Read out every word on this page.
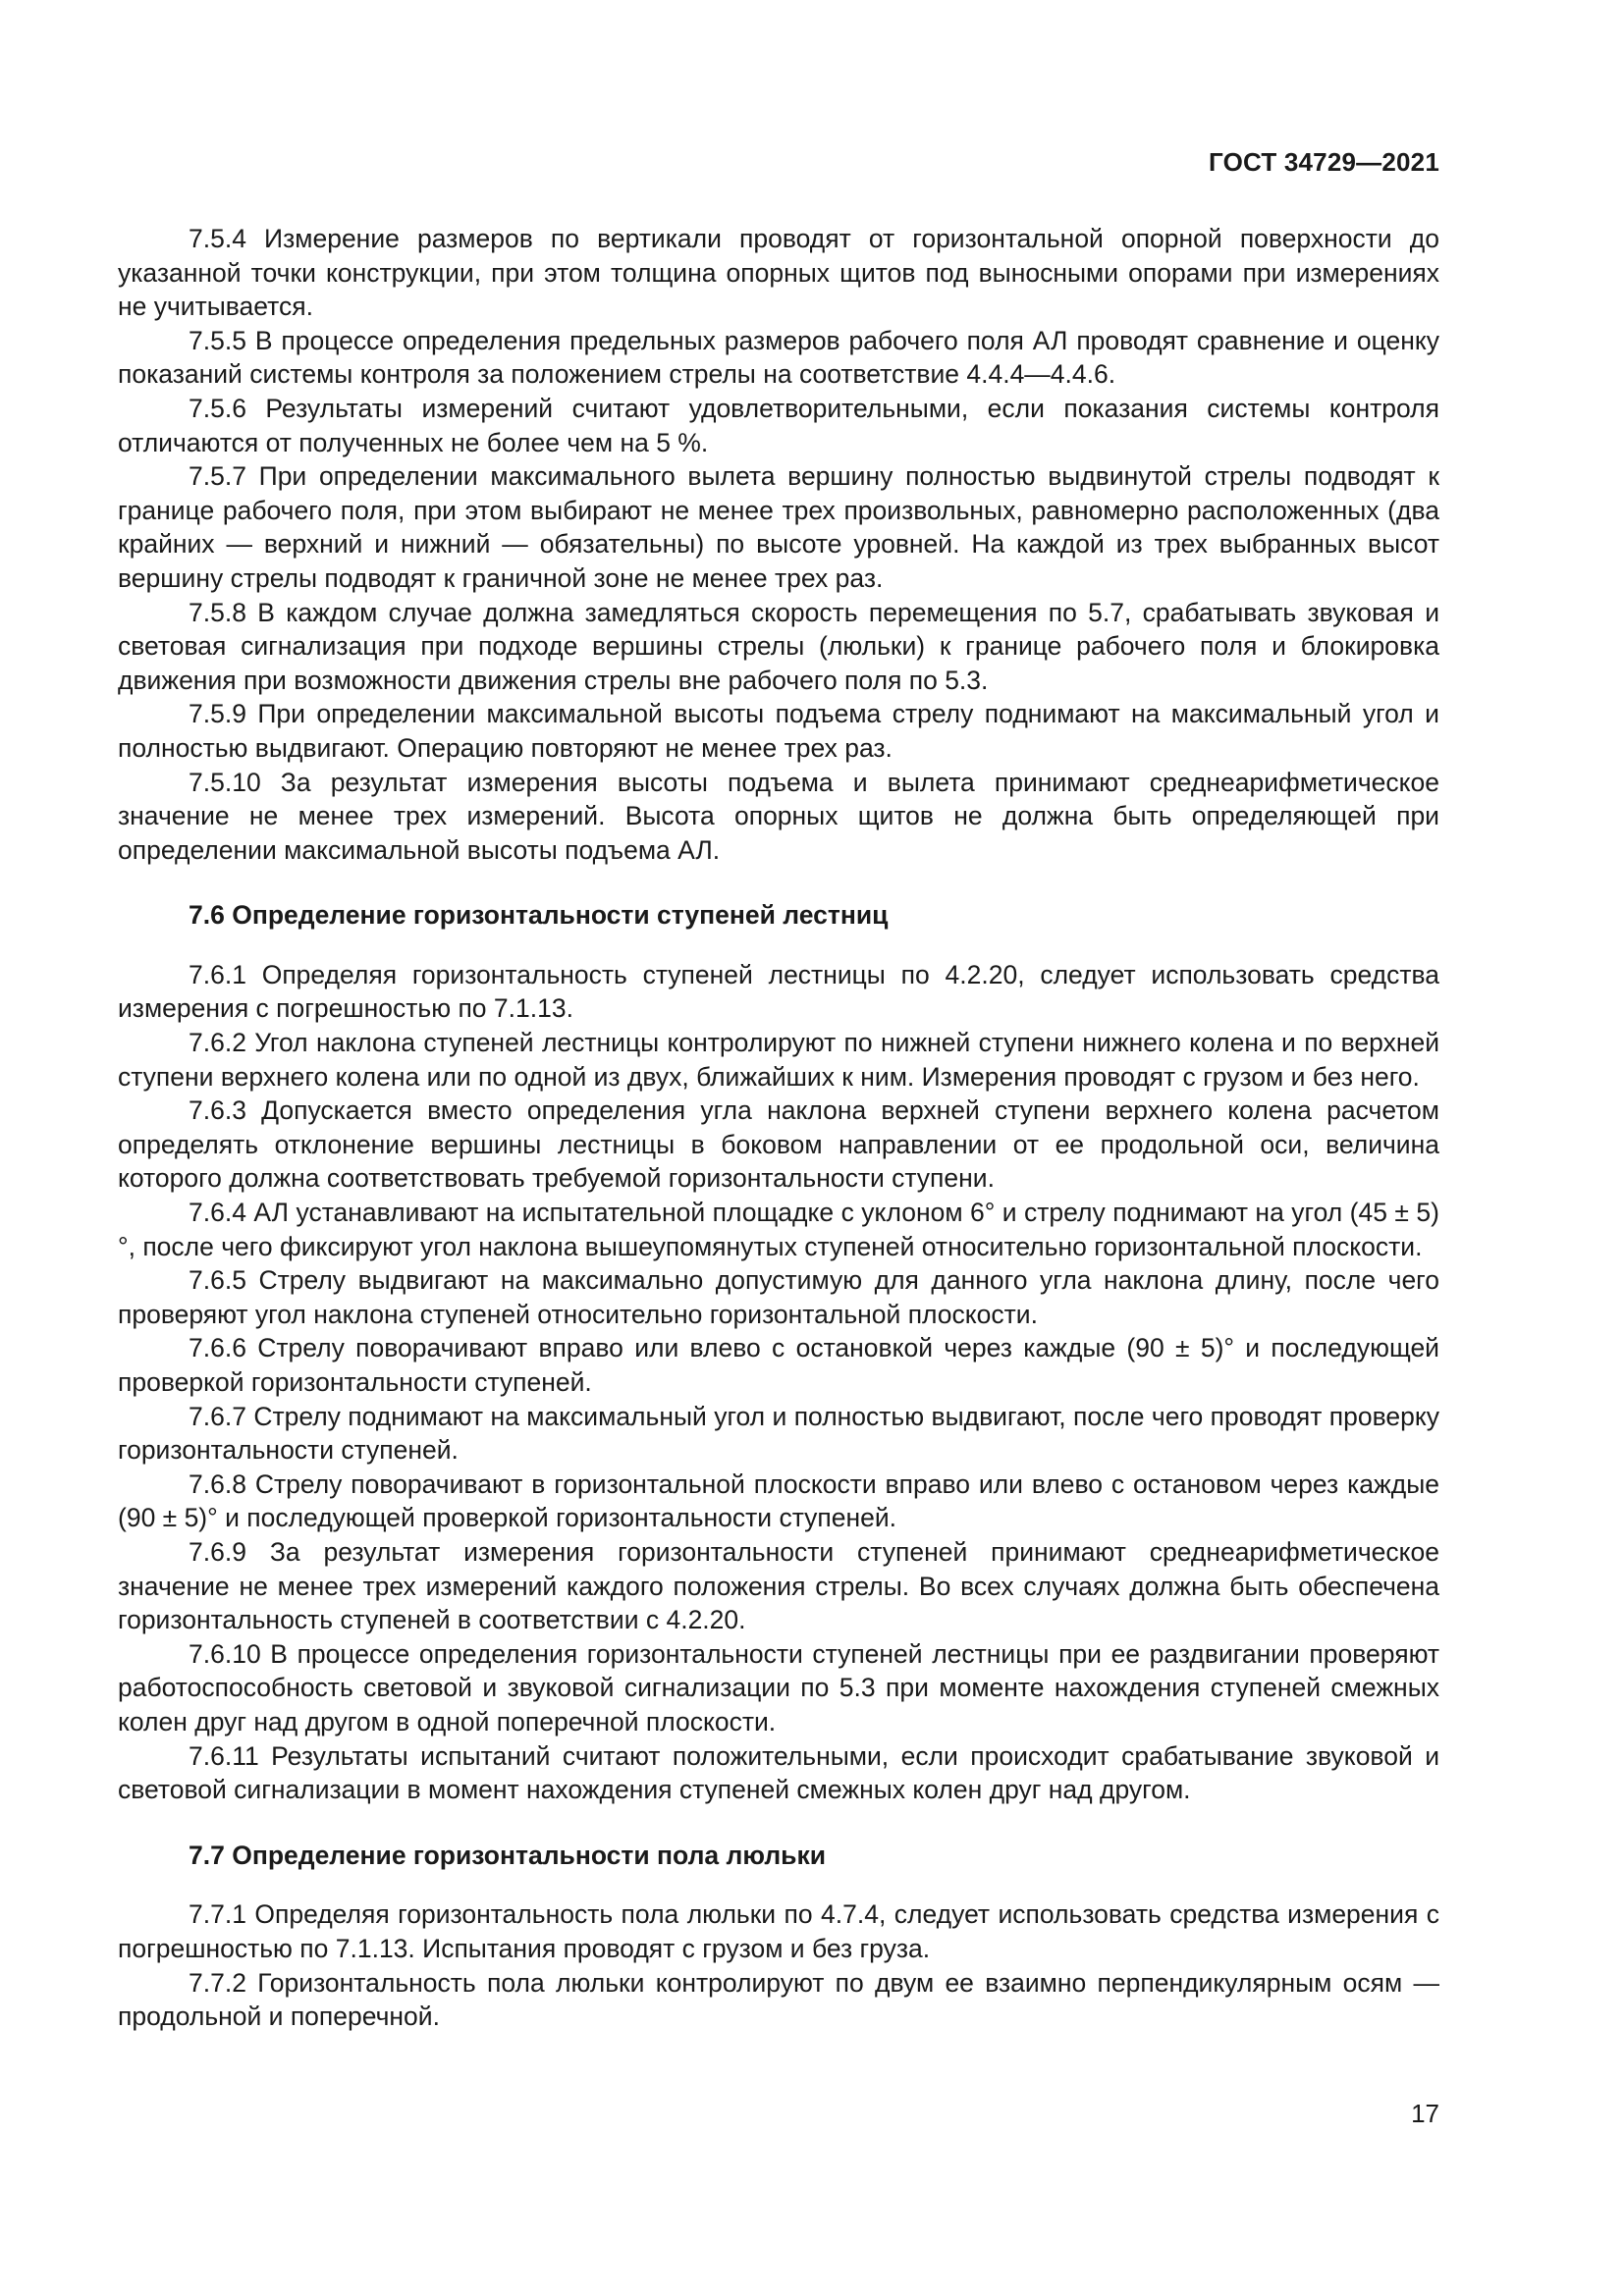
ГОСТ 34729—2021

7.5.4 Измерение размеров по вертикали проводят от горизонтальной опорной поверхности до указанной точки конструкции, при этом толщина опорных щитов под выносными опорами при измерениях не учитывается.

7.5.5 В процессе определения предельных размеров рабочего поля АЛ проводят сравнение и оценку показаний системы контроля за положением стрелы на соответствие 4.4.4—4.4.6.

7.5.6 Результаты измерений считают удовлетворительными, если показания системы контроля отличаются от полученных не более чем на 5 %.

7.5.7 При определении максимального вылета вершину полностью выдвинутой стрелы подводят к границе рабочего поля, при этом выбирают не менее трех произвольных, равномерно расположенных (два крайних — верхний и нижний — обязательны) по высоте уровней. На каждой из трех выбранных высот вершину стрелы подводят к граничной зоне не менее трех раз.

7.5.8 В каждом случае должна замедляться скорость перемещения по 5.7, срабатывать звуковая и световая сигнализация при подходе вершины стрелы (люльки) к границе рабочего поля и блокировка движения при возможности движения стрелы вне рабочего поля по 5.3.

7.5.9 При определении максимальной высоты подъема стрелу поднимают на максимальный угол и полностью выдвигают. Операцию повторяют не менее трех раз.

7.5.10 За результат измерения высоты подъема и вылета принимают среднеарифметическое значение не менее трех измерений. Высота опорных щитов не должна быть определяющей при определении максимальной высоты подъема АЛ.

7.6 Определение горизонтальности ступеней лестниц

7.6.1 Определяя горизонтальность ступеней лестницы по 4.2.20, следует использовать средства измерения с погрешностью по 7.1.13.

7.6.2 Угол наклона ступеней лестницы контролируют по нижней ступени нижнего колена и по верхней ступени верхнего колена или по одной из двух, ближайших к ним. Измерения проводят с грузом и без него.

7.6.3 Допускается вместо определения угла наклона верхней ступени верхнего колена расчетом определять отклонение вершины лестницы в боковом направлении от ее продольной оси, величина которого должна соответствовать требуемой горизонтальности ступени.

7.6.4 АЛ устанавливают на испытательной площадке с уклоном 6° и стрелу поднимают на угол (45 ± 5)°, после чего фиксируют угол наклона вышеупомянутых ступеней относительно горизонтальной плоскости.

7.6.5 Стрелу выдвигают на максимально допустимую для данного угла наклона длину, после чего проверяют угол наклона ступеней относительно горизонтальной плоскости.

7.6.6 Стрелу поворачивают вправо или влево с остановкой через каждые (90 ± 5)° и последующей проверкой горизонтальности ступеней.

7.6.7 Стрелу поднимают на максимальный угол и полностью выдвигают, после чего проводят проверку горизонтальности ступеней.

7.6.8 Стрелу поворачивают в горизонтальной плоскости вправо или влево с остановом через каждые (90 ± 5)° и последующей проверкой горизонтальности ступеней.

7.6.9 За результат измерения горизонтальности ступеней принимают среднеарифметическое значение не менее трех измерений каждого положения стрелы. Во всех случаях должна быть обеспечена горизонтальность ступеней в соответствии с 4.2.20.

7.6.10 В процессе определения горизонтальности ступеней лестницы при ее раздвигании проверяют работоспособность световой и звуковой сигнализации по 5.3 при моменте нахождения ступеней смежных колен друг над другом в одной поперечной плоскости.

7.6.11 Результаты испытаний считают положительными, если происходит срабатывание звуковой и световой сигнализации в момент нахождения ступеней смежных колен друг над другом.

7.7 Определение горизонтальности пола люльки

7.7.1 Определяя горизонтальность пола люльки по 4.7.4, следует использовать средства измерения с погрешностью по 7.1.13. Испытания проводят с грузом и без груза.

7.7.2 Горизонтальность пола люльки контролируют по двум ее взаимно перпендикулярным осям — продольной и поперечной.

17
